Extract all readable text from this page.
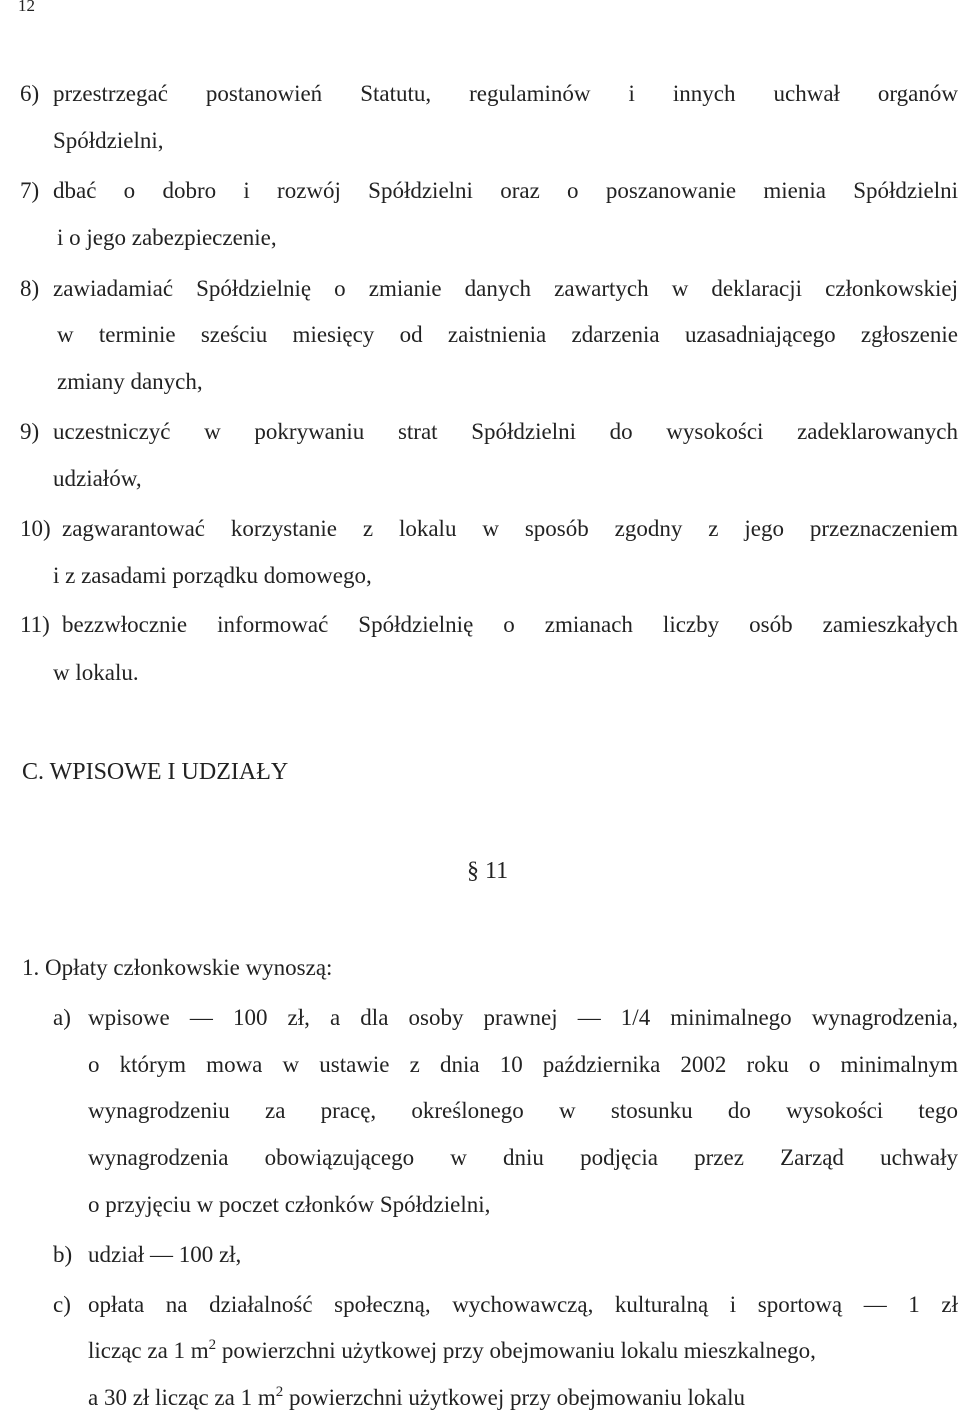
12
6) przestrzegać postanowień Statutu, regulaminów i innych uchwał organów
Spółdzielni,
7) dbać o dobro i rozwój Spółdzielni oraz o poszanowanie mienia Spółdzielni
i o jego zabezpieczenie,
8) zawiadamiać Spółdzielnię o zmianie danych zawartych w deklaracji członkowskiej
w terminie sześciu miesięcy od zaistnienia zdarzenia uzasadniającego zgłoszenie
zmiany danych,
9) uczestniczyć w pokrywaniu strat Spółdzielni do wysokości zadeklarowanych
udziałów,
10) zagwarantować korzystanie z lokalu w sposób zgodny z jego przeznaczeniem
i z zasadami porządku domowego,
11) bezzwłocznie informować Spółdzielnię o zmianach liczby osób zamieszkałych
w lokalu.
C. WPISOWE I UDZIAŁY
§ 11
1. Opłaty członkowskie wynoszą:
a) wpisowe — 100 zł, a dla osoby prawnej — 1/4 minimalnego wynagrodzenia,
o którym mowa w ustawie z dnia 10 października 2002 roku o minimalnym
wynagrodzeniu za pracę, określonego w stosunku do wysokości tego
wynagrodzenia obowiązującego w dniu podjęcia przez Zarząd uchwały
o przyjęciu w poczet członków Spółdzielni,
b) udział — 100 zł,
c) opłata na działalność społeczną, wychowawczą, kulturalną i sportową — 1 zł
licząc za 1 $m^2$ powierzchni użytkowej przy obejmowaniu lokalu mieszkalnego,
a 30 zł licząc za 1 $m^2$ powierzchni użytkowej przy obejmowaniu lokalu
